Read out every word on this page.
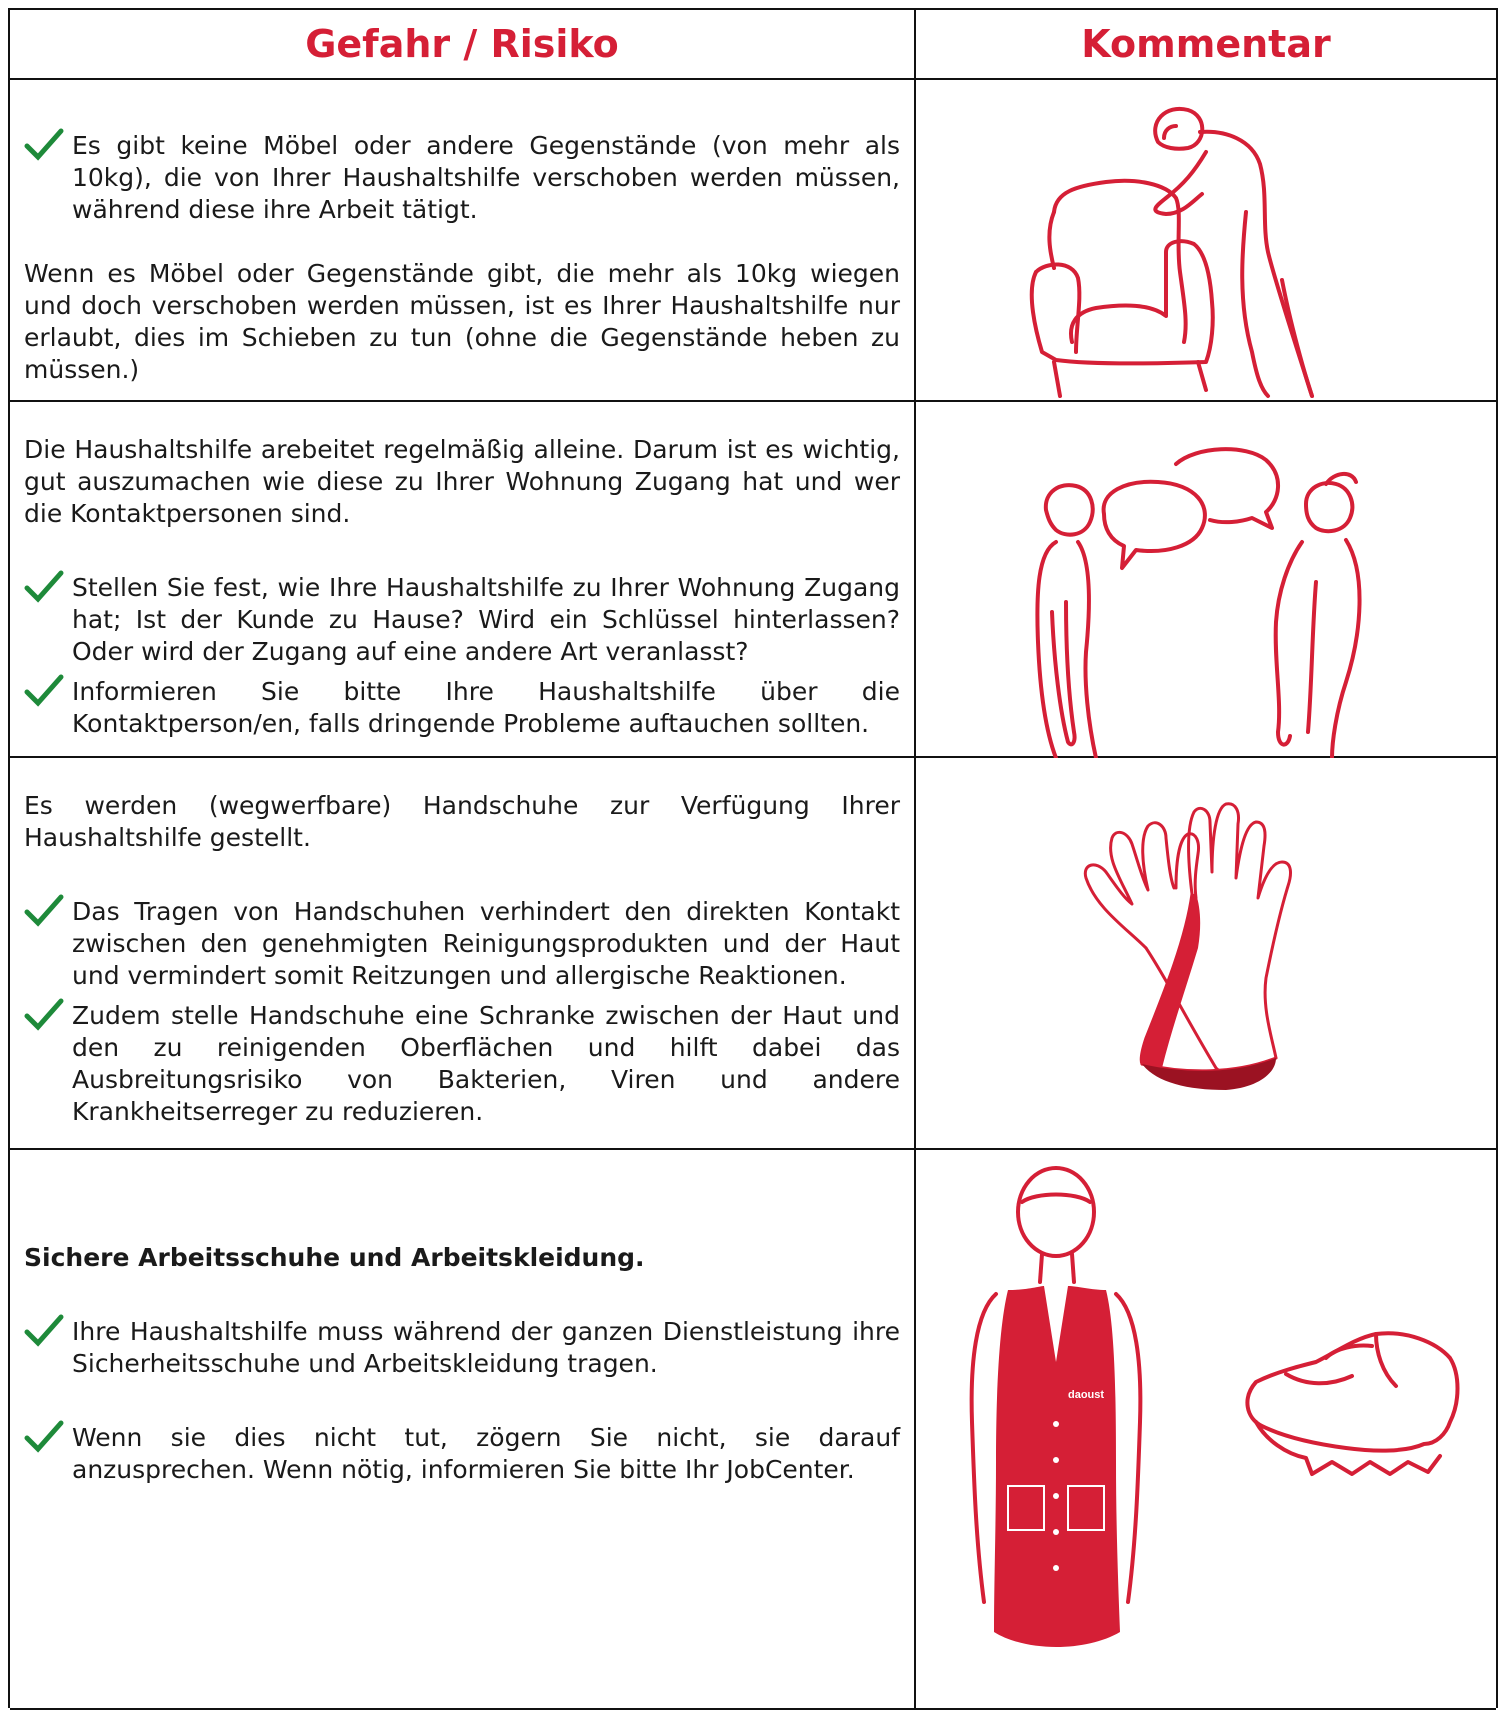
Gefahr / Risiko	Kommentar

Es gibt keine Möbel oder andere Gegenstände (von mehr als 10kg), die von Ihrer Haushaltshilfe verschoben werden müssen, während diese ihre Arbeit tätigt.

Wenn es Möbel oder Gegenstände gibt, die mehr als 10kg wiegen und doch verschoben werden müssen, ist es Ihrer Haushaltshilfe nur erlaubt, dies im Schieben zu tun (ohne die Gegenstände heben zu müssen.)

Die Haushaltshilfe arebeitet regelmäßig alleine. Darum ist es wichtig, gut auszumachen wie diese zu Ihrer Wohnung Zugang hat und wer die Kontaktpersonen sind.

Stellen Sie fest, wie Ihre Haushaltshilfe zu Ihrer Wohnung Zugang hat; Ist der Kunde zu Hause? Wird ein Schlüssel hinterlassen? Oder wird der Zugang auf eine andere Art veranlasst?

Informieren Sie bitte Ihre Haushaltshilfe über die Kontaktperson/en, falls dringende Probleme auftauchen sollten.

Es werden (wegwerfbare) Handschuhe zur Verfügung Ihrer Haushaltshilfe gestellt.

Das Tragen von Handschuhen verhindert den direkten Kontakt zwischen den genehmigten Reinigungsprodukten und der Haut und vermindert somit Reitzungen und allergische Reaktionen.

Zudem stelle Handschuhe eine Schranke zwischen der Haut und den zu reinigenden Oberflächen und hilft dabei das Ausbreitungsrisiko von Bakterien, Viren und andere Krankheitserreger zu reduzieren.

Sichere Arbeitsschuhe und Arbeitskleidung.

Ihre Haushaltshilfe muss während der ganzen Dienstleistung ihre Sicherheitsschuhe und Arbeitskleidung tragen.

Wenn sie dies nicht tut, zögern Sie nicht, sie darauf anzusprechen. Wenn nötig, informieren Sie bitte Ihr JobCenter.

daoust
